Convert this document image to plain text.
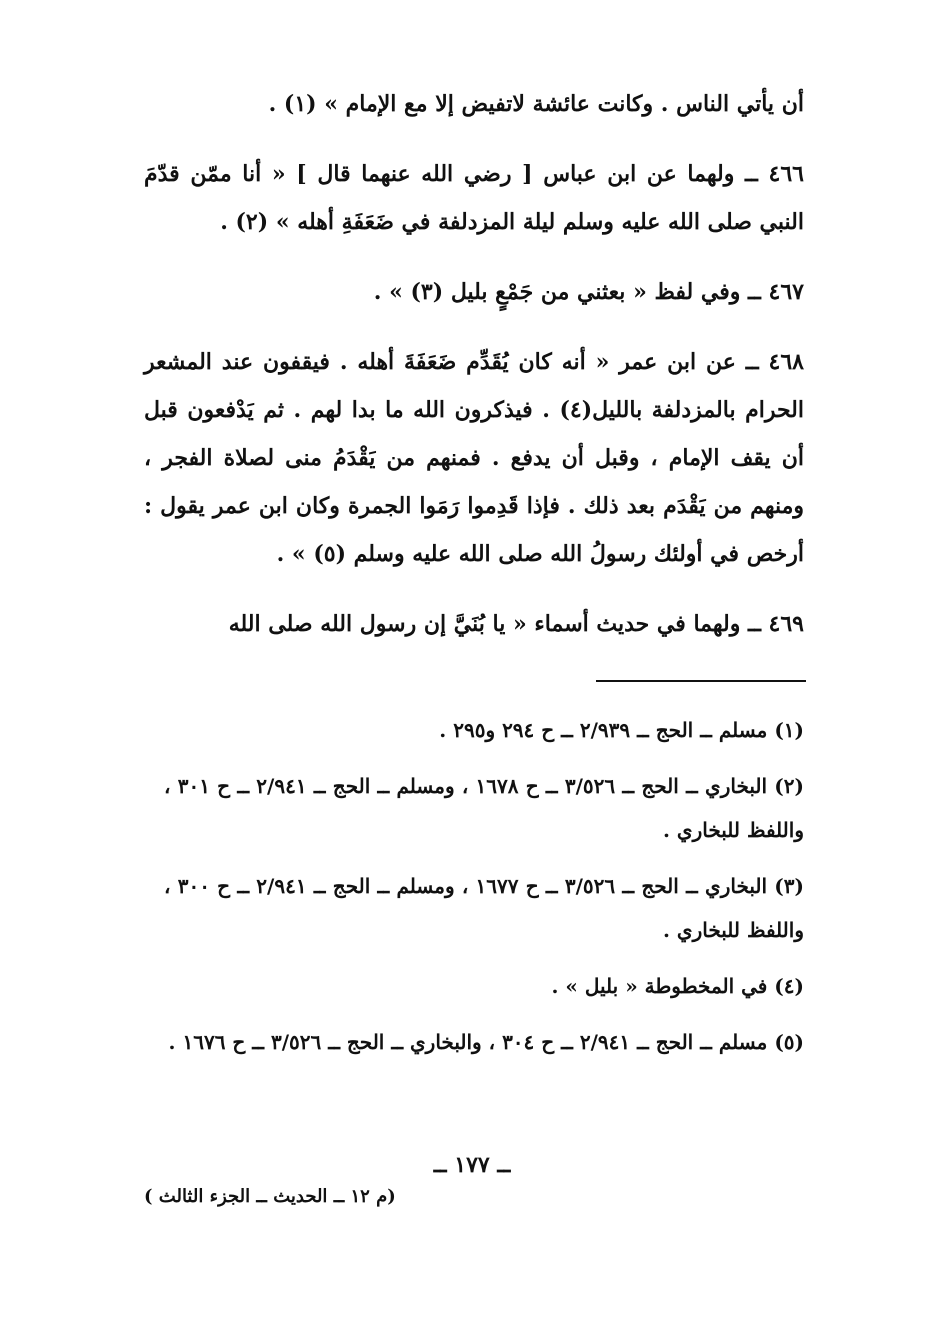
أن يأتي الناس . وكانت عائشة لاتفيض إلا مع الإمام » (١) .

٤٦٦ ــ ولهما عن ابن عباس [ رضي الله عنهما قال ] « أنا ممّن قدّمَ النبي صلى الله عليه وسلم ليلة المزدلفة في ضَعَفَةِ أهله » (٢) .

٤٦٧ ــ وفي لفظ « بعثني من جَمْعٍ بليل (٣) » .

٤٦٨ ــ عن ابن عمر « أنه كان يُقَدِّم ضَعَفَةَ أهله . فيقفون عند المشعر الحرام بالمزدلفة بالليل(٤) . فيذكرون الله ما بدا لهم . ثم يَدْفعون قبل أن يقف الإمام ، وقبل أن يدفع . فمنهم من يَقْدَمُ منى لصلاة الفجر ، ومنهم من يَقْدَم بعد ذلك . فإذا قَدِموا رَمَوا الجمرة وكان ابن عمر يقول : أرخص في أولئك رسولُ الله صلى الله عليه وسلم (٥) » .

٤٦٩ ــ ولهما في حديث أسماء « يا بُنَيَّ إن رسول الله صلى الله

(١) مسلم ــ الحج ــ ٢/٩٣٩ ــ ح ٢٩٤ و٢٩٥ .

(٢) البخاري ــ الحج ــ ٣/٥٢٦ ــ ح ١٦٧٨ ، ومسلم ــ الحج ــ ٢/٩٤١ ــ ح ٣٠١ ، واللفظ للبخاري .

(٣) البخاري ــ الحج ــ ٣/٥٢٦ ــ ح ١٦٧٧ ، ومسلم ــ الحج ــ ٢/٩٤١ ــ ح ٣٠٠ ، واللفظ للبخاري .

(٤) في المخطوطة « بليل » .

(٥) مسلم ــ الحج ــ ٢/٩٤١ ــ ح ٣٠٤ ، والبخاري ــ الحج ــ ٣/٥٢٦ ــ ح ١٦٧٦ .

ــ ١٧٧ ــ
(م ١٢ ــ الحديث ــ الجزء الثالث )
